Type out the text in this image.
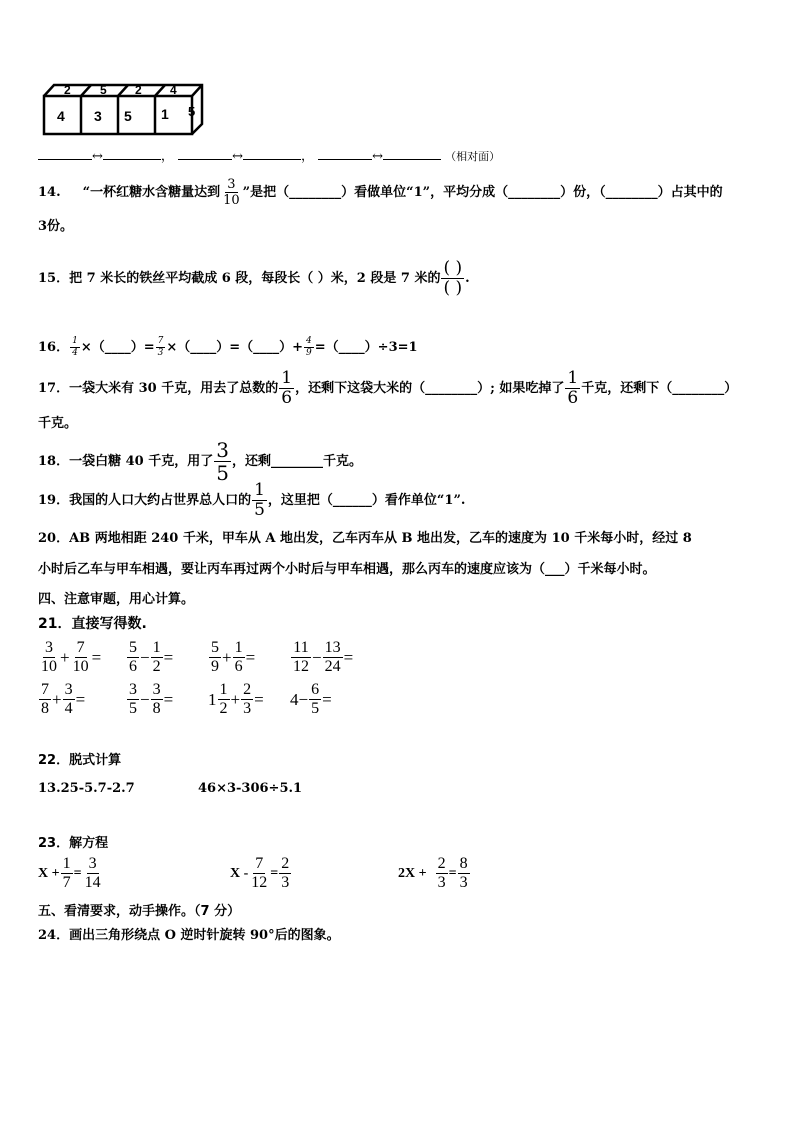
4 3 5 1
2 5 2 4
5
↔	，	↔	，	↔	（相对面）
14. “一杯红糖水含糖量达到 $\frac{3}{10}$ ”是把（________）看做单位“1”，平均分成（________）份，（________）占其中的
3份。
15．把 7 米长的铁丝平均截成 6 段，每段长（ ）米，2 段是 7 米的 $\frac{( )}{( )}$ .
16． $\frac{1}{4}$ ×（____）= $\frac{7}{3}$ ×（____）=（____）+ $\frac{4}{9}$ =（____）÷3=1
17．一袋大米有 30 千克，用去了总数的 $\frac{1}{6}$ ，还剩下这袋大米的（________）; 如果吃掉了 $\frac{1}{6}$ 千克，还剩下（________）
千克。
18．一袋白糖 40 千克，用了 $\frac{3}{5}$ ，还剩________千克。
19．我国的人口大约占世界总人口的 $\frac{1}{5}$ ，这里把（______）看作单位“1”.
20．AB 两地相距 240 千米，甲车从 A 地出发，乙车丙车从 B 地出发，乙车的速度为 10 千米每小时，经过 8
小时后乙车与甲车相遇，要让丙车再过两个小时后与甲车相遇，那么丙车的速度应该为（___）千米每小时。
四、注意审题，用心计算。
21．直接写得数.
$\frac{3}{10} + \frac{7}{10} = \frac{5}{6} - \frac{1}{2} = \frac{5}{9} + \frac{1}{6} = \frac{11}{12} - \frac{13}{24}$ =
$\frac{7}{8} + \frac{3}{4}$ =	$\frac{3}{5} - \frac{3}{8} = 1 \frac{1}{2} + \frac{2}{3} = 4 - \frac{6}{5}$ =
22．脱式计算
13.25-5.7-2.7	46×3-306÷5.1
23．解方程
$X + \frac{1}{7} = \frac{3}{14}$	$X - \frac{7}{12} = \frac{2}{3}$	$2X + \frac{2}{3} = \frac{8}{3}$
五、看清要求，动手操作。（7 分）
24．画出三角形绕点 O 逆时针旋转 90°后的图象。
